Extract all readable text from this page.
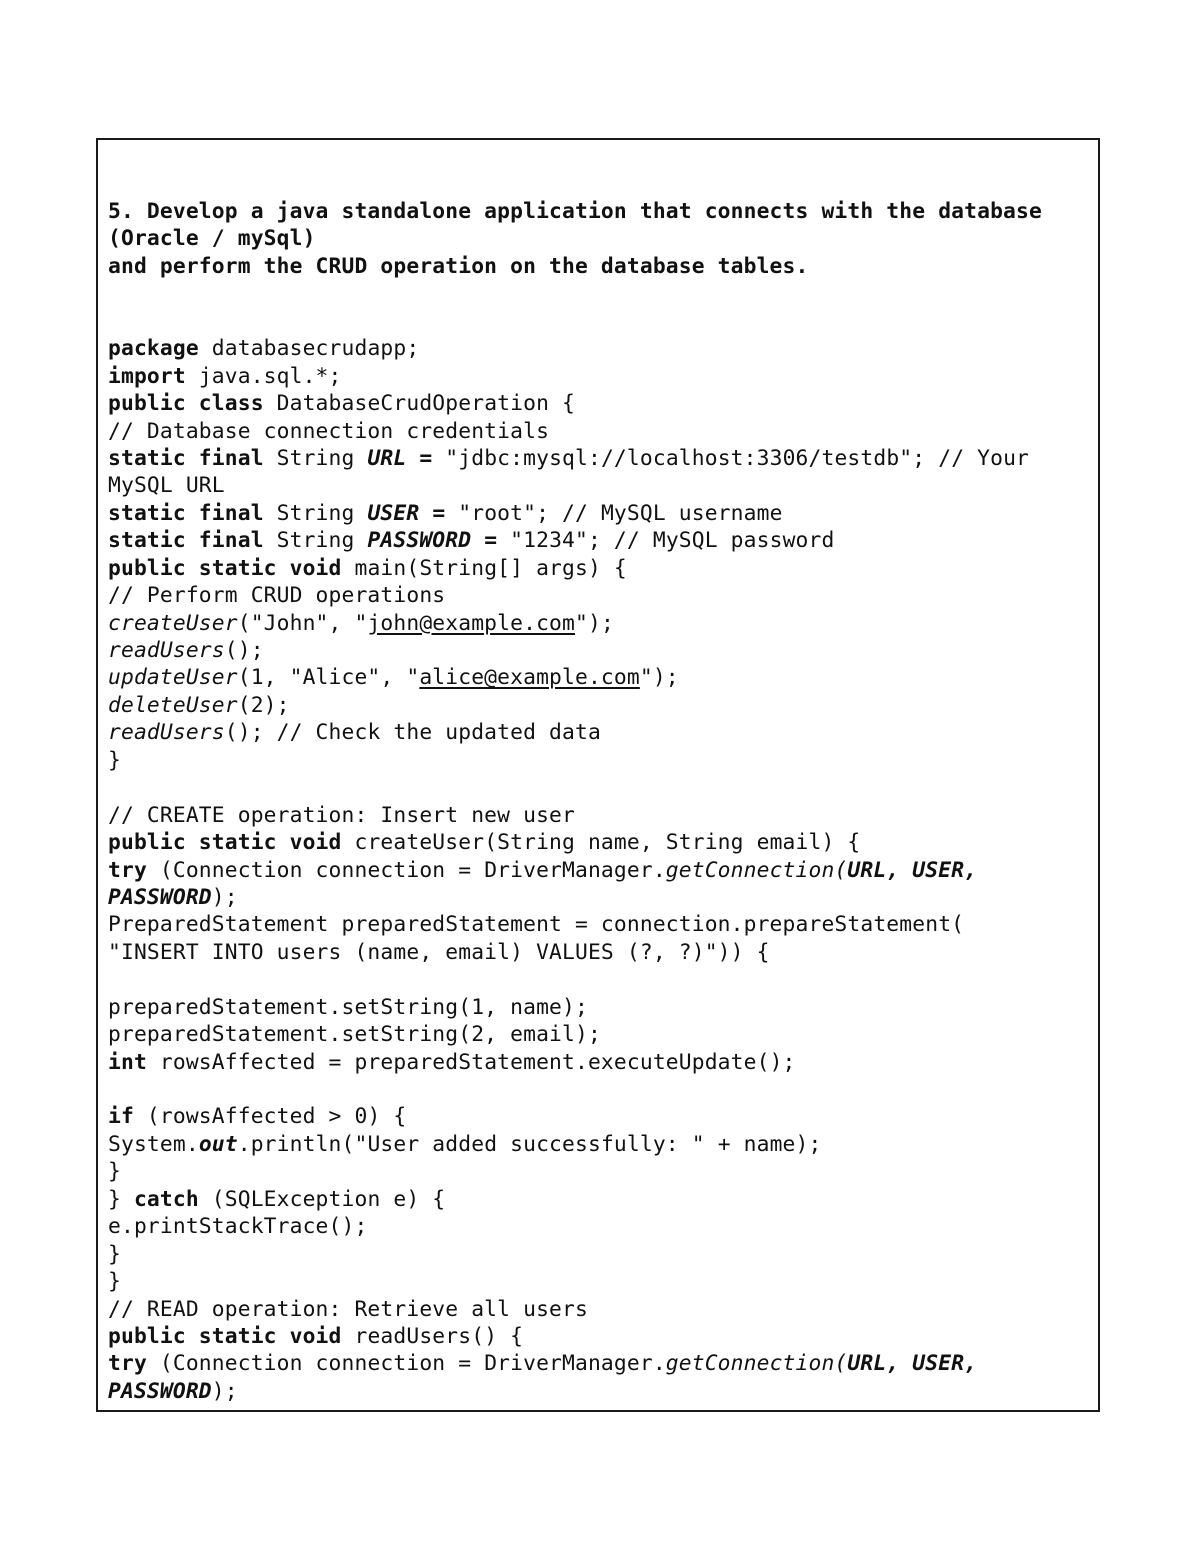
5. Develop a java standalone application that connects with the database
(Oracle / mySql)
and perform the CRUD operation on the database tables.
package databasecrudapp;
import java.sql.*;
public class DatabaseCrudOperation {
// Database connection credentials
static final String URL = "jdbc:mysql://localhost:3306/testdb"; // Your
MySQL URL
static final String USER = "root"; // MySQL username
static final String PASSWORD = "1234"; // MySQL password
public static void main(String[] args) {
// Perform CRUD operations
createUser("John", "john@example.com");
readUsers();
updateUser(1, "Alice", "alice@example.com");
deleteUser(2);
readUsers(); // Check the updated data
}
// CREATE operation: Insert new user
public static void createUser(String name, String email) {
try (Connection connection = DriverManager.getConnection(URL, USER,
PASSWORD);
PreparedStatement preparedStatement = connection.prepareStatement(
"INSERT INTO users (name, email) VALUES (?, ?)")) {
preparedStatement.setString(1, name);
preparedStatement.setString(2, email);
int rowsAffected = preparedStatement.executeUpdate();
if (rowsAffected > 0) {
System.out.println("User added successfully: " + name);
}
} catch (SQLException e) {
e.printStackTrace();
}
}
// READ operation: Retrieve all users
public static void readUsers() {
try (Connection connection = DriverManager.getConnection(URL, USER,
PASSWORD);
